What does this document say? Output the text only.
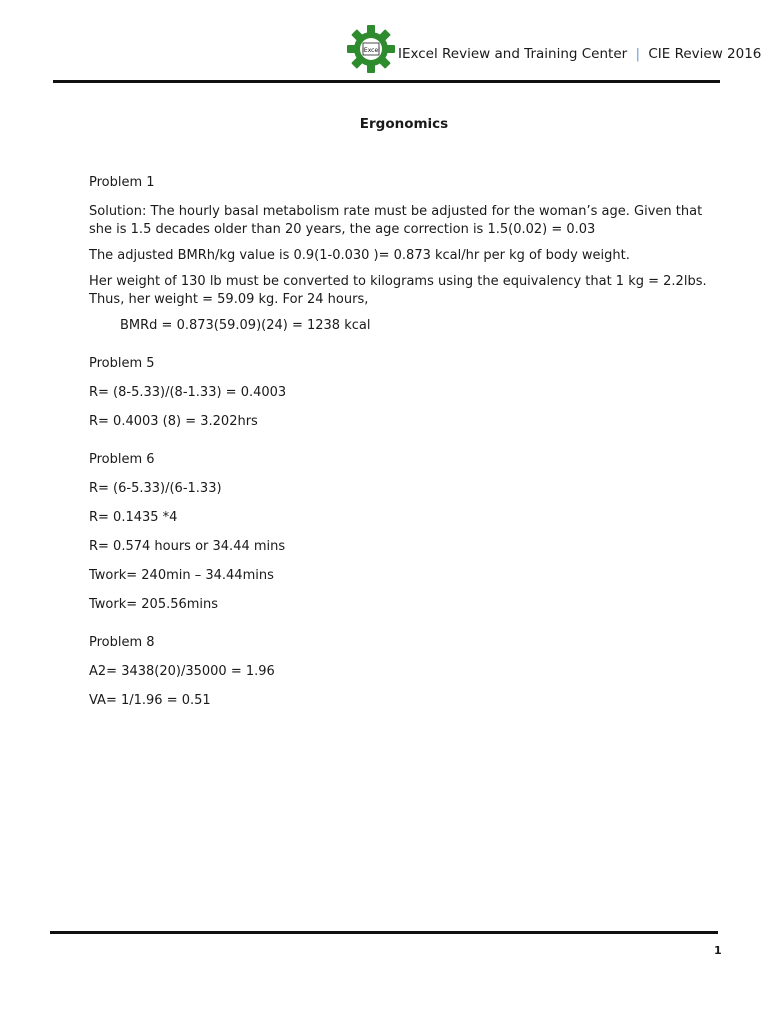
IExcel IExcel Review and Training Center | CIE Review 2016
Ergonomics

Problem 1

Solution: The hourly basal metabolism rate must be adjusted for the woman’s age. Given that she is 1.5 decades older than 20 years, the age correction is 1.5(0.02) = 0.03

The adjusted BMRh/kg value is 0.9(1-0.030 )= 0.873 kcal/hr per kg of body weight.

Her weight of 130 lb must be converted to kilograms using the equivalency that 1 kg = 2.2lbs. Thus, her weight = 59.09 kg. For 24 hours,

BMRd = 0.873(59.09)(24) = 1238 kcal

Problem 5

R= (8-5.33)/(8-1.33) = 0.4003

R= 0.4003 (8) = 3.202hrs

Problem 6

R= (6-5.33)/(6-1.33)

R= 0.1435 *4

R= 0.574 hours or 34.44 mins

Twork= 240min – 34.44mins

Twork= 205.56mins

Problem 8

A2= 3438(20)/35000 = 1.96

VA= 1/1.96 = 0.51

1
